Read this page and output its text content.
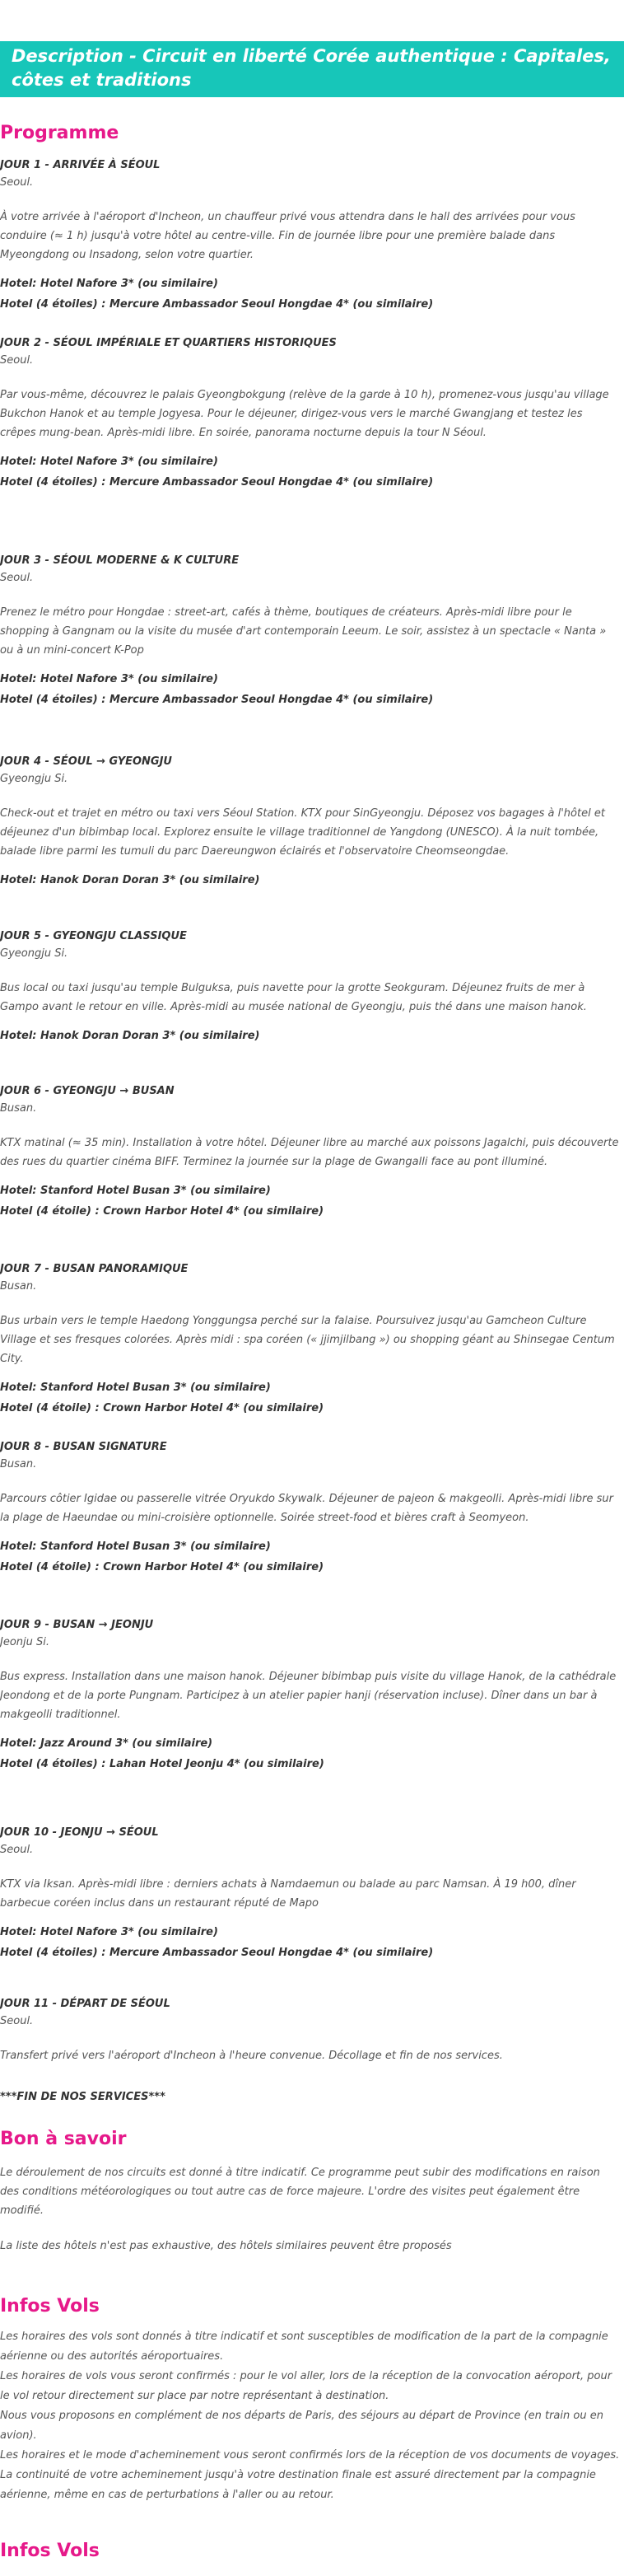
Description - Circuit en liberté Corée authentique : Capitales, côtes et traditions
Programme

JOUR 1 - ARRIVÉE À SÉOUL

Seoul.

À votre arrivée à l'aéroport d'Incheon, un chauffeur privé vous attendra dans le hall des arrivées pour vous conduire (≈ 1 h) jusqu'à votre hôtel au centre-ville. Fin de journée libre pour une première balade dans Myeongdong ou Insadong, selon votre quartier.

Hotel: Hotel Nafore 3* (ou similaire)

Hotel (4 étoiles) : Mercure Ambassador Seoul Hongdae 4* (ou similaire)

JOUR 2 - SÉOUL IMPÉRIALE ET QUARTIERS HISTORIQUES

Seoul.

Par vous-même, découvrez le palais Gyeongbokgung (relève de la garde à 10 h), promenez-vous jusqu'au village Bukchon Hanok et au temple Jogyesa. Pour le déjeuner, dirigez-vous vers le marché Gwangjang et testez les crêpes mung-bean. Après-midi libre. En soirée, panorama nocturne depuis la tour N Séoul.

Hotel: Hotel Nafore 3* (ou similaire)

Hotel (4 étoiles) : Mercure Ambassador Seoul Hongdae 4* (ou similaire)

JOUR 3 - SÉOUL MODERNE & K CULTURE

Seoul.

Prenez le métro pour Hongdae : street-art, cafés à thème, boutiques de créateurs. Après-midi libre pour le shopping à Gangnam ou la visite du musée d'art contemporain Leeum. Le soir, assistez à un spectacle « Nanta » ou à un mini-concert K-Pop

Hotel: Hotel Nafore 3* (ou similaire)

Hotel (4 étoiles) : Mercure Ambassador Seoul Hongdae 4* (ou similaire)

JOUR 4 - SÉOUL → GYEONGJU

Gyeongju Si.

Check-out et trajet en métro ou taxi vers Séoul Station. KTX pour SinGyeongju. Déposez vos bagages à l'hôtel et déjeunez d'un bibimbap local. Explorez ensuite le village traditionnel de Yangdong (UNESCO). À la nuit tombée, balade libre parmi les tumuli du parc Daereungwon éclairés et l'observatoire Cheomseongdae.

Hotel: Hanok Doran Doran 3* (ou similaire)

JOUR 5 - GYEONGJU CLASSIQUE

Gyeongju Si.

Bus local ou taxi jusqu'au temple Bulguksa, puis navette pour la grotte Seokguram. Déjeunez fruits de mer à Gampo avant le retour en ville. Après-midi au musée national de Gyeongju, puis thé dans une maison hanok.

Hotel: Hanok Doran Doran 3* (ou similaire)

JOUR 6 - GYEONGJU → BUSAN

Busan.

KTX matinal (≈ 35 min). Installation à votre hôtel. Déjeuner libre au marché aux poissons Jagalchi, puis découverte des rues du quartier cinéma BIFF. Terminez la journée sur la plage de Gwangalli face au pont illuminé.

Hotel: Stanford Hotel Busan 3* (ou similaire)

Hotel (4 étoile) : Crown Harbor Hotel 4* (ou similaire)

JOUR 7 - BUSAN PANORAMIQUE

Busan.

Bus urbain vers le temple Haedong Yonggungsa perché sur la falaise. Poursuivez jusqu'au Gamcheon Culture Village et ses fresques colorées. Après midi : spa coréen (« jjimjilbang ») ou shopping géant au Shinsegae Centum City.

Hotel: Stanford Hotel Busan 3* (ou similaire)

Hotel (4 étoile) : Crown Harbor Hotel 4* (ou similaire)

JOUR 8 - BUSAN SIGNATURE

Busan.

Parcours côtier Igidae ou passerelle vitrée Oryukdo Skywalk. Déjeuner de pajeon & makgeolli. Après-midi libre sur la plage de Haeundae ou mini-croisière optionnelle. Soirée street-food et bières craft à Seomyeon.

Hotel: Stanford Hotel Busan 3* (ou similaire)

Hotel (4 étoile) : Crown Harbor Hotel 4* (ou similaire)

JOUR 9 - BUSAN → JEONJU

Jeonju Si.

Bus express. Installation dans une maison hanok. Déjeuner bibimbap puis visite du village Hanok, de la cathédrale Jeondong et de la porte Pungnam. Participez à un atelier papier hanji (réservation incluse). Dîner dans un bar à makgeolli traditionnel.

Hotel: Jazz Around 3* (ou similaire)

Hotel (4 étoiles) : Lahan Hotel Jeonju 4* (ou similaire)

JOUR 10 - JEONJU → SÉOUL

Seoul.

KTX via Iksan. Après-midi libre : derniers achats à Namdaemun ou balade au parc Namsan. À 19 h00, dîner barbecue coréen inclus dans un restaurant réputé de Mapo

Hotel: Hotel Nafore 3* (ou similaire)

Hotel (4 étoiles) : Mercure Ambassador Seoul Hongdae 4* (ou similaire)

JOUR 11 - DÉPART DE SÉOUL

Seoul.

Transfert privé vers l'aéroport d'Incheon à l'heure convenue. Décollage et fin de nos services.

***FIN DE NOS SERVICES***

Bon à savoir

Le déroulement de nos circuits est donné à titre indicatif. Ce programme peut subir des modifications en raison des conditions météorologiques ou tout autre cas de force majeure. L'ordre des visites peut également être modifié.

La liste des hôtels n'est pas exhaustive, des hôtels similaires peuvent être proposés

Infos Vols
Les horaires des vols sont donnés à titre indicatif et sont susceptibles de modification de la part de la compagnie aérienne ou des autorités aéroportuaires.
Les horaires de vols vous seront confirmés : pour le vol aller, lors de la réception de la convocation aéroport, pour le vol retour directement sur place par notre représentant à destination.
Nous vous proposons en complément de nos départs de Paris, des séjours au départ de Province (en train ou en avion).
Les horaires et le mode d'acheminement vous seront confirmés lors de la réception de vos documents de voyages.
La continuité de votre acheminement jusqu'à votre destination finale est assuré directement par la compagnie aérienne, même en cas de perturbations à l'aller ou au retour.
Infos Vols
